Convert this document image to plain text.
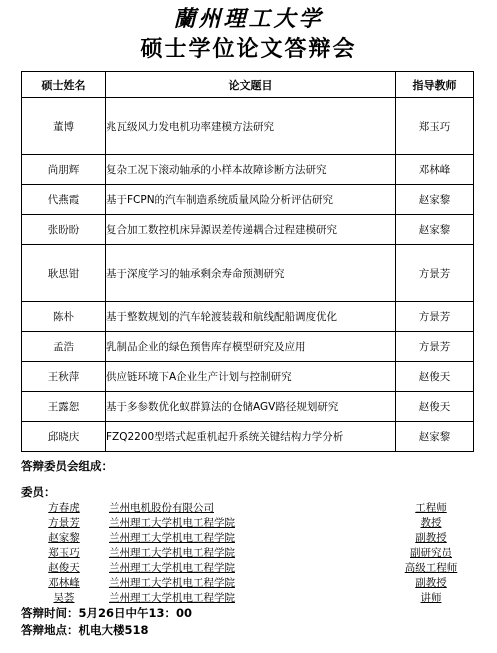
蘭州理工大学
硕士学位论文答辩会
硕士姓名	论文题目	指导教师
董博	兆瓦级风力发电机功率建模方法研究	郑玉巧
尚朋辉	复杂工况下滚动轴承的小样本故障诊断方法研究	邓林峰
代燕霞	基于FCPN的汽车制造系统质量风险分析评估研究	赵家黎
张盼盼	复合加工数控机床异源误差传递耦合过程建模研究	赵家黎
耿思钳	基于深度学习的轴承剩余寿命预测研究	方景芳
陈朴	基于整数规划的汽车轮渡装载和航线配船调度优化	方景芳
孟浩	乳制品企业的绿色预售库存模型研究及应用	方景芳
王秋萍	供应链环境下A企业生产计划与控制研究	赵俊天
王露恕	基于多参数优化蚁群算法的仓储AGV路径规划研究	赵俊天
邱晓庆	FZQ2200型塔式起重机起升系统关键结构力学分析	赵家黎
答辩委员会组成：
委员：
方春虎	兰州电机股份有限公司	工程师
方景芳	兰州理工大学机电工程学院	教授
赵家黎	兰州理工大学机电工程学院	副教授
郑玉巧	兰州理工大学机电工程学院	副研究员
赵俊天	兰州理工大学机电工程学院	高级工程师
邓林峰	兰州理工大学机电工程学院	副教授
吴荟	兰州理工大学机电工程学院	讲师
答辩时间：5月26日中午13：00
答辩地点：机电大楼518
